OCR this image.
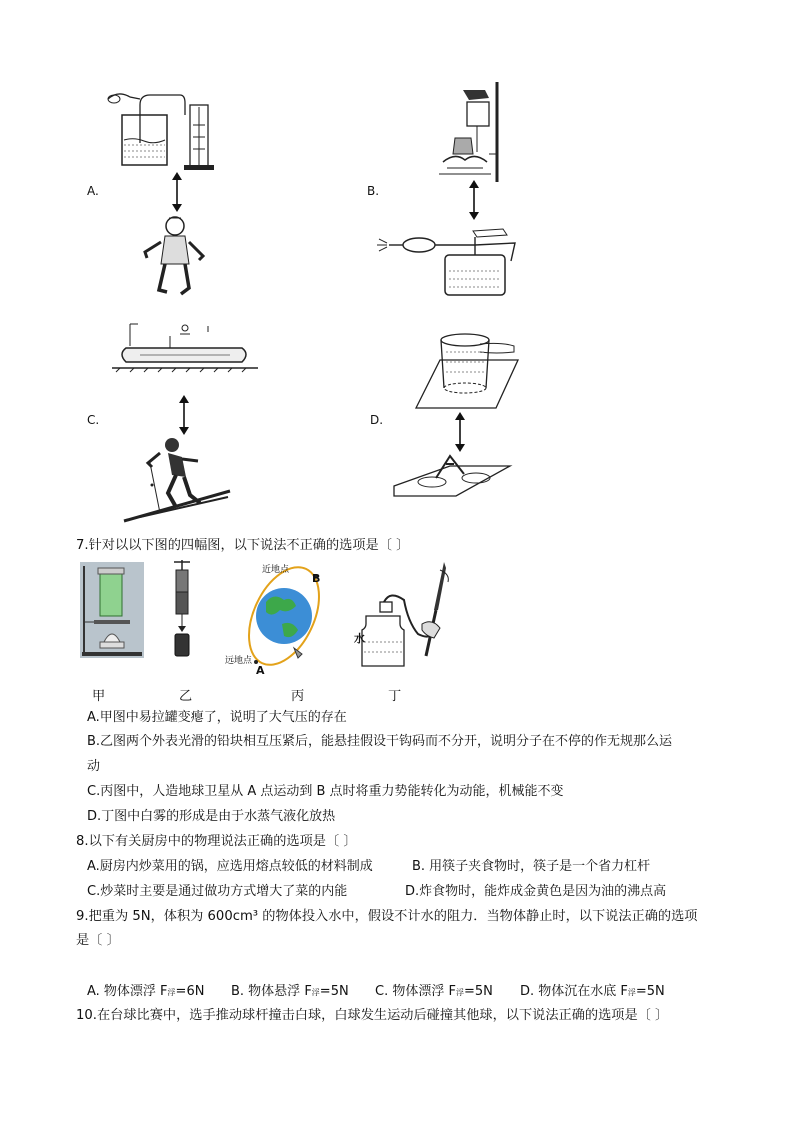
A.	B.
C.	D.
7.针对以以下图的四幅图，以下说法不正确的选项是〔 〕
近地点
B
远地点
A
水
甲	乙	丙	丁
A.甲图中易拉罐变瘪了，说明了大气压的存在
B.乙图两个外表光滑的铅块相互压紧后，能悬挂假设干钩码而不分开，说明分子在不停的作无规那么运
动
C.丙图中，人造地球卫星从 A 点运动到 B 点时将重力势能转化为动能，机械能不变
D.丁图中白雾的形成是由于水蒸气液化放热
8.以下有关厨房中的物理说法正确的选项是〔 〕
A.厨房内炒菜用的锅，应选用熔点较低的材料制成	B. 用筷子夹食物时，筷子是一个省力杠杆
C.炒菜时主要是通过做功方式增大了菜的内能	D.炸食物时，能炸成金黄色是因为油的沸点高
9.把重为 5N，体积为 600cm³ 的物体投入水中，假设不计水的阻力．当物体静止时，以下说法正确的选项
是〔 〕
A. 物体漂浮 F浮=6N B. 物体悬浮 F浮=5N C. 物体漂浮 F浮=5N D. 物体沉在水底 F浮=5N
10.在台球比赛中，选手推动球杆撞击白球，白球发生运动后碰撞其他球，以下说法正确的选项是〔 〕
